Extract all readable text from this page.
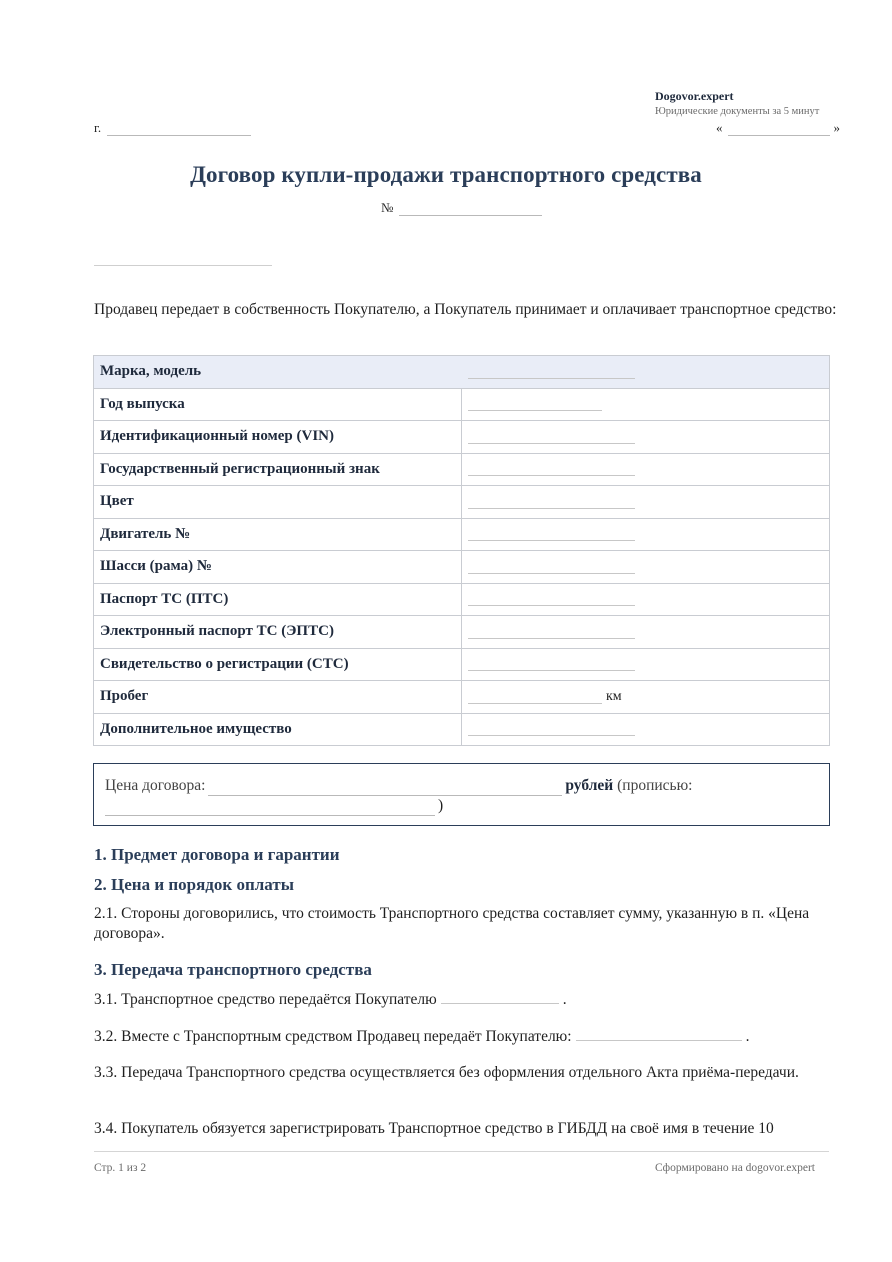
Dogovor.expert
Юридические документы за 5 минут
г.	«	»
Договор купли-продажи транспортного средства
№
Продавец передает в собственность Покупателю, а Покупатель принимает и оплачивает транспортное средство:
Марка, модель	
Год выпуска	
Идентификационный номер (VIN)	
Государственный регистрационный знак	
Цвет	
Двигатель №	
Шасси (рама) №	
Паспорт ТС (ПТС)	
Электронный паспорт ТС (ЭПТС)	
Свидетельство о регистрации (СТС)	
Пробег	км
Дополнительное имущество	
Цена договора:	рублей (прописью:
)
1. Предмет договора и гарантии
2. Цена и порядок оплаты
2.1. Стороны договорились, что стоимость Транспортного средства составляет сумму, указанную в п. «Цена договора».
3. Передача транспортного средства
3.1. Транспортное средство передаётся Покупателю	.
3.2. Вместе с Транспортным средством Продавец передаёт Покупателю:	.
3.3. Передача Транспортного средства осуществляется без оформления отдельного Акта приёма-передачи.
3.4. Покупатель обязуется зарегистрировать Транспортное средство в ГИБДД на своё имя в течение 10
Стр. 1 из 2	Сформировано на dogovor.expert
